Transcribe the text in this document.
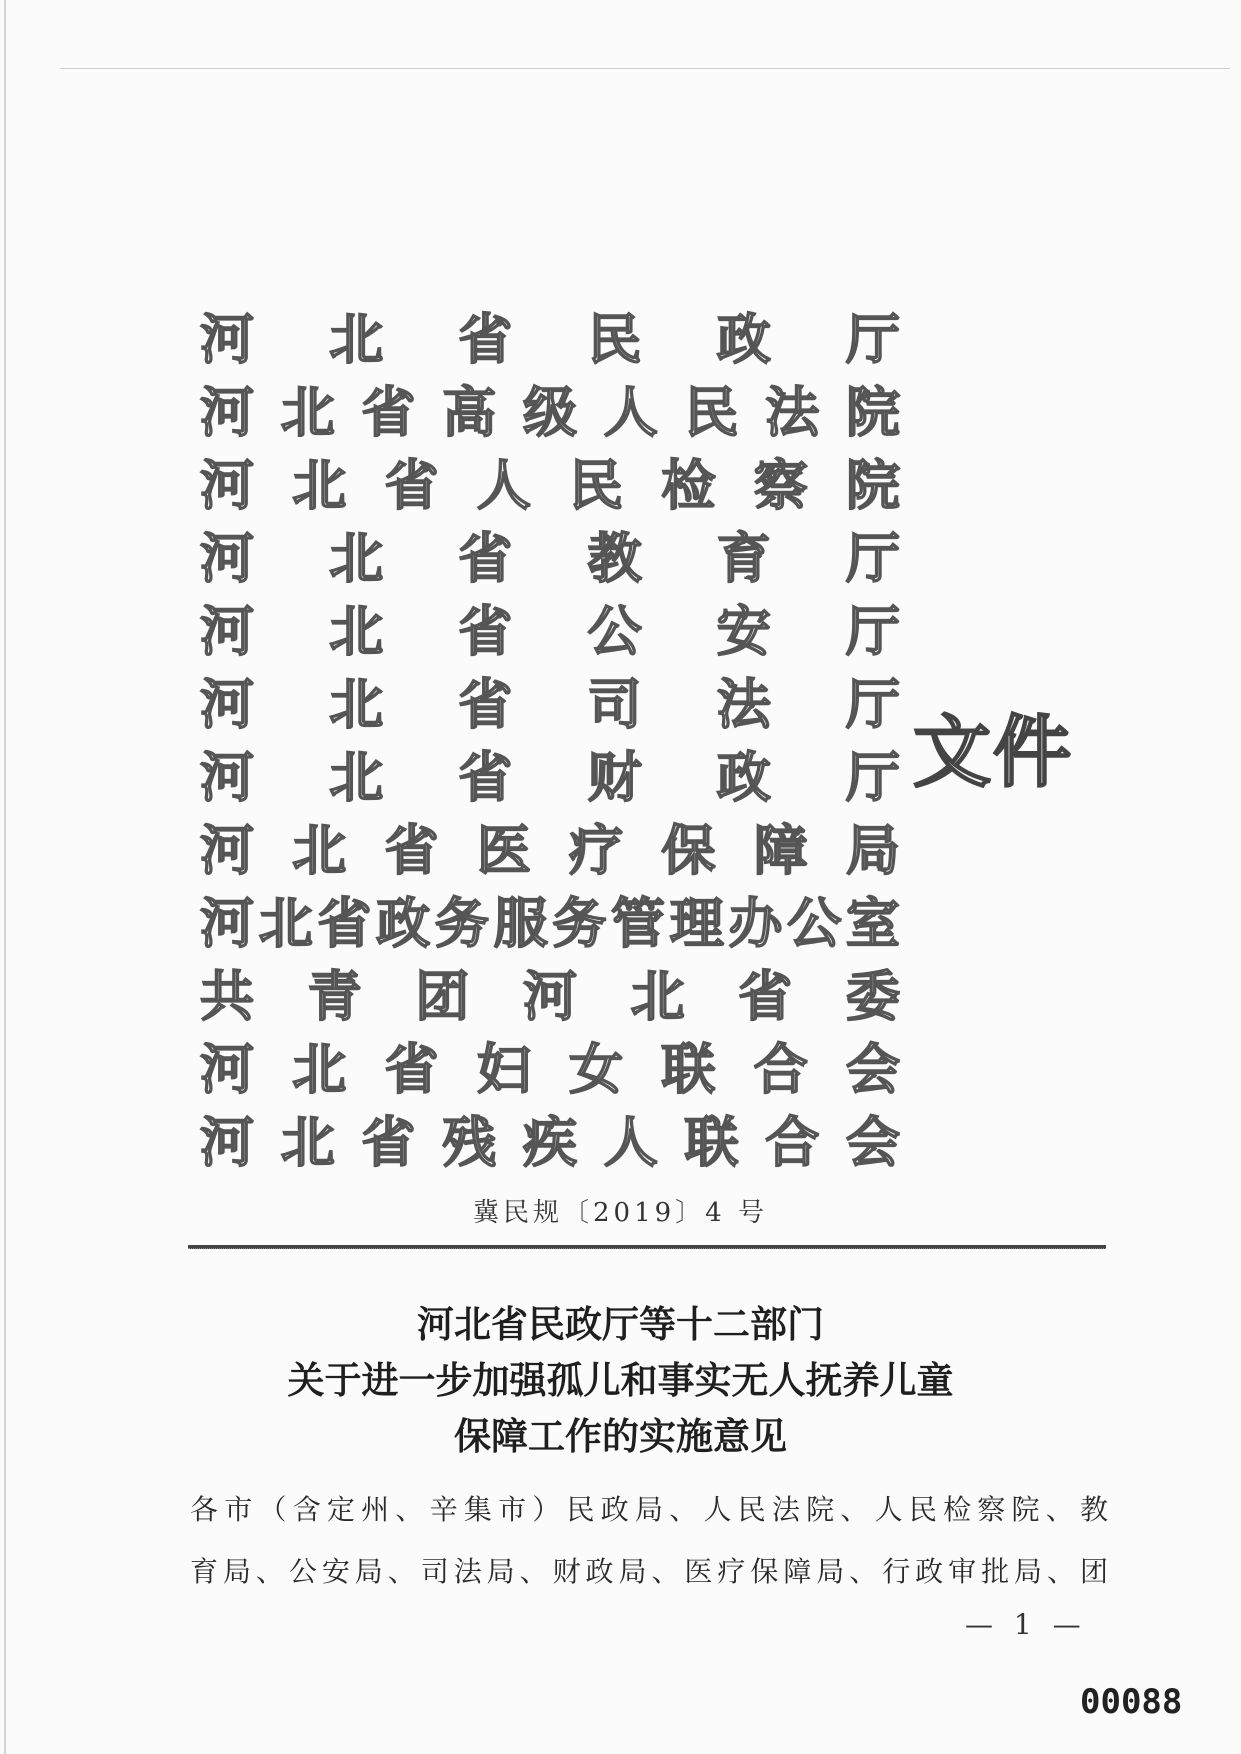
河 北 省 民 政 厅
河 北 省 高 级 人 民 法 院
河 北 省 人 民 检 察 院
河 北 省 教 育 厅
河 北 省 公 安 厅
河 北 省 司 法 厅
河 北 省 财 政 厅
河 北 省 医 疗 保 障 局
河 北 省 政 务 服 务 管 理 办 公 室
共 青 团 河 北 省 委
河 北 省 妇 女 联 合 会
河 北 省 残 疾 人 联 合 会
文件
冀民规〔2019〕4 号
河北省民政厅等十二部门
关于进一步加强孤儿和事实无人抚养儿童
保障工作的实施意见
各市（含定州、辛集市）民政局、人民法院、人民检察院、教
育局、公安局、司法局、财政局、医疗保障局、行政审批局、团
— 1 —
00088
